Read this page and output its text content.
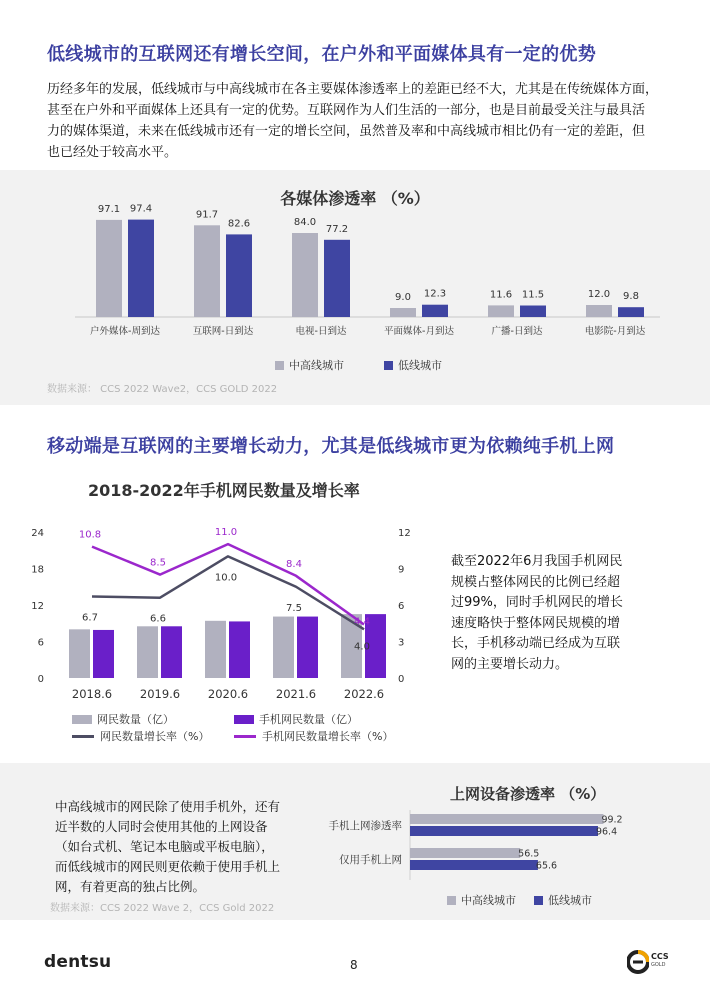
低线城市的互联网还有增长空间，在户外和平面媒体具有一定的优势
历经多年的发展，低线城市与中高线城市在各主要媒体渗透率上的差距已经不大，尤其是在传统媒体方面，
甚至在户外和平面媒体上还具有一定的优势。互联网作为人们生活的一部分，也是目前最受关注与最具活
力的媒体渠道，未来在低线城市还有一定的增长空间，虽然普及率和中高线城市相比仍有一定的差距，但
也已经处于较高水平。
各媒体渗透率 （%）
97.1 97.4
户外媒体-周到达
91.7
82.6
互联网-日到达
84.0
77.2
电视-日到达
9.0 12.3
平面媒体-月到达
11.6 11.5
广播-日到达
12.0 9.8
电影院-月到达
中高线城市	低线城市
数据来源： CCS 2022 Wave2，CCS GOLD 2022
移动端是互联网的主要增长动力，尤其是低线城市更为依赖纯手机上网
2018-2022年手机网民数量及增长率
0
6
12
18
24
0
3
6
9
12
2018.6 2019.6 2020.6 2021.6 2022.6
6.7	6.6
10.0
7.5
4.0
10.8
8.5
11.0
8.4
4.4
网民数量（亿）	手机网民数量（亿）
网民数量增长率（%）	手机网民数量增长率（%）
截至2022年6月我国手机网民
规模占整体网民的比例已经超
过99%，同时手机网民的增长
速度略快于整体网民规模的增
长，手机移动端已经成为互联
网的主要增长动力。
中高线城市的网民除了使用手机外，还有
近半数的人同时会使用其他的上网设备
（如台式机、笔记本电脑或平板电脑），
而低线城市的网民则更依赖于使用手机上
网，有着更高的独占比例。
数据来源：CCS 2022 Wave 2，CCS Gold 2022
上网设备渗透率 （%）
99.2
96.4
手机上网渗透率
56.5
65.6
仅用手机上网
中高线城市	低线城市
dentsu	8
CCS
GOLD
